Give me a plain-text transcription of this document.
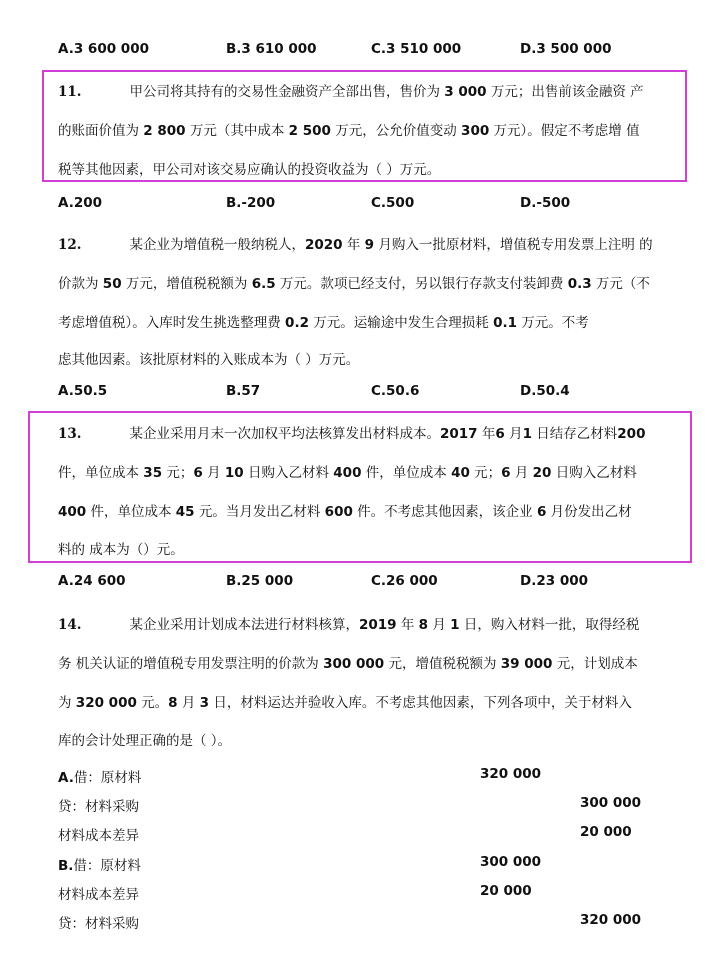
A.3 600 000	B.3 610 000	C.3 510 000	D.3 500 000
11.	甲公司将其持有的交易性金融资产全部出售，售价为 3 000 万元；出售前该金融资 产
的账面价值为 2 800 万元（其中成本 2 500 万元，公允价值变动 300 万元）。假定不考虑增 值
税等其他因素，甲公司对该交易应确认的投资收益为（ ）万元。
A.200	B.-200	C.500	D.-500
12.	某企业为增值税一般纳税人，2020 年 9 月购入一批原材料，增值税专用发票上注明 的
价款为 50 万元，增值税税额为 6.5 万元。款项已经支付，另以银行存款支付装卸费 0.3 万元（不
考虑增值税）。入库时发生挑选整理费 0.2 万元。运输途中发生合理损耗 0.1 万元。不考
虑其他因素。该批原材料的入账成本为（ ）万元。
A.50.5	B.57	C.50.6	D.50.4
13.	某企业采用月末一次加权平均法核算发出材料成本。2017 年6 月1 日结存乙材料200
件，单位成本 35 元；6 月 10 日购入乙材料 400 件，单位成本 40 元；6 月 20 日购入乙材料
400 件，单位成本 45 元。当月发出乙材料 600 件。不考虑其他因素，该企业 6 月份发出乙材
料的 成本为（）元。
A.24 600	B.25 000	C.26 000	D.23 000
14.	某企业采用计划成本法进行材料核算，2019 年 8 月 1 日，购入材料一批，取得经税
务 机关认证的增值税专用发票注明的价款为 300 000 元，增值税税额为 39 000 元，计划成本
为 320 000 元。8 月 3 日，材料运达并验收入库。不考虑其他因素，下列各项中，关于材料入
库的会计处理正确的是（ ）。
A.借：原材料	320 000
贷：材料采购	300 000
材料成本差异	20 000
B.借：原材料	300 000
材料成本差异	20 000
贷：材料采购	320 000
